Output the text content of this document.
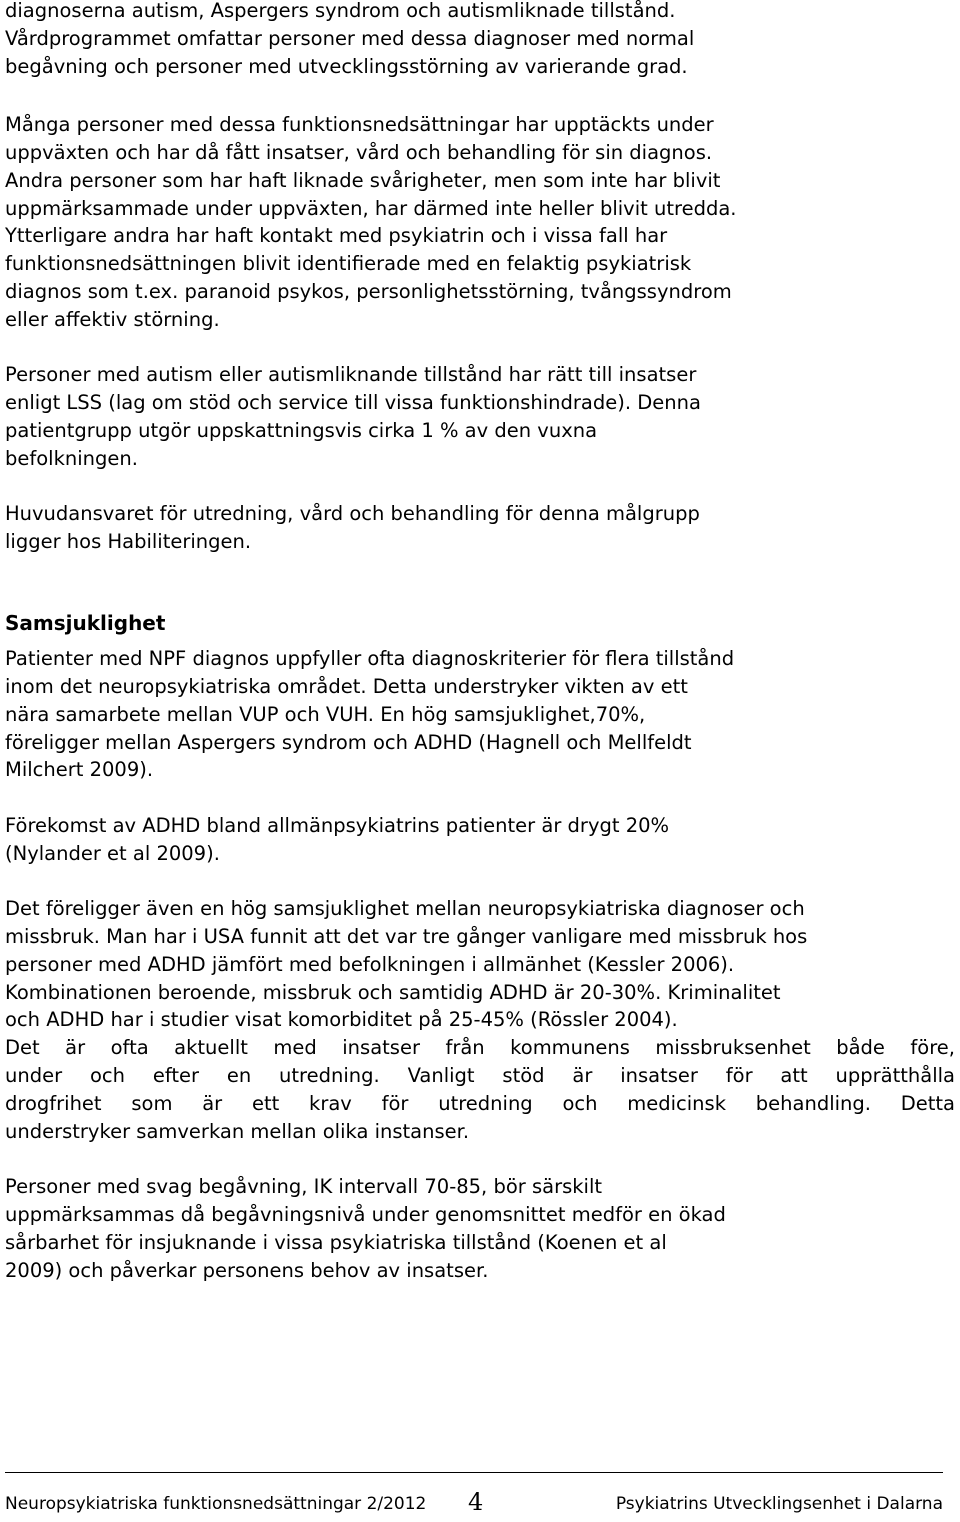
diagnoserna autism, Aspergers syndrom och autismliknade tillstånd.
Vårdprogrammet omfattar personer med dessa diagnoser med normal
begåvning och personer med utvecklingsstörning av varierande grad.
Många personer med dessa funktionsnedsättningar har upptäckts under
uppväxten och har då fått insatser, vård och behandling för sin diagnos.
Andra personer som har haft liknade svårigheter, men som inte har blivit
uppmärksammade under uppväxten, har därmed inte heller blivit utredda.
Ytterligare andra har haft kontakt med psykiatrin och i vissa fall har
funktionsnedsättningen blivit identifierade med en felaktig psykiatrisk
diagnos som t.ex. paranoid psykos, personlighetsstörning, tvångssyndrom
eller affektiv störning.
Personer med autism eller autismliknande tillstånd har rätt till insatser
enligt LSS (lag om stöd och service till vissa funktionshindrade). Denna
patientgrupp utgör uppskattningsvis cirka 1 % av den vuxna
befolkningen.
Huvudansvaret för utredning, vård och behandling för denna målgrupp
ligger hos Habiliteringen.
Samsjuklighet
Patienter med NPF diagnos uppfyller ofta diagnoskriterier för flera tillstånd
inom det neuropsykiatriska området. Detta understryker vikten av ett
nära samarbete mellan VUP och VUH. En hög samsjuklighet,70%,
föreligger mellan Aspergers syndrom och ADHD (Hagnell och Mellfeldt
Milchert 2009).
Förekomst av ADHD bland allmänpsykiatrins patienter är drygt 20%
(Nylander et al 2009).
Det föreligger även en hög samsjuklighet mellan neuropsykiatriska diagnoser och
missbruk. Man har i USA funnit att det var tre gånger vanligare med missbruk hos
personer med ADHD jämfört med befolkningen i allmänhet (Kessler 2006).
Kombinationen beroende, missbruk och samtidig ADHD är 20-30%. Kriminalitet
och ADHD har i studier visat komorbiditet på 25-45% (Rössler 2004).
Det är ofta aktuellt med insatser från kommunens missbruksenhet både före,
under och efter en utredning. Vanligt stöd är insatser för att upprätthålla
drogfrihet som är ett krav för utredning och medicinsk behandling. Detta
understryker samverkan mellan olika instanser.
Personer med svag begåvning, IK intervall 70-85, bör särskilt
uppmärksammas då begåvningsnivå under genomsnittet medför en ökad
sårbarhet för insjuknande i vissa psykiatriska tillstånd (Koenen et al
2009) och påverkar personens behov av insatser.
Neuropsykiatriska funktionsnedsättningar 2/2012 4	Psykiatrins Utvecklingsenhet i Dalarna
